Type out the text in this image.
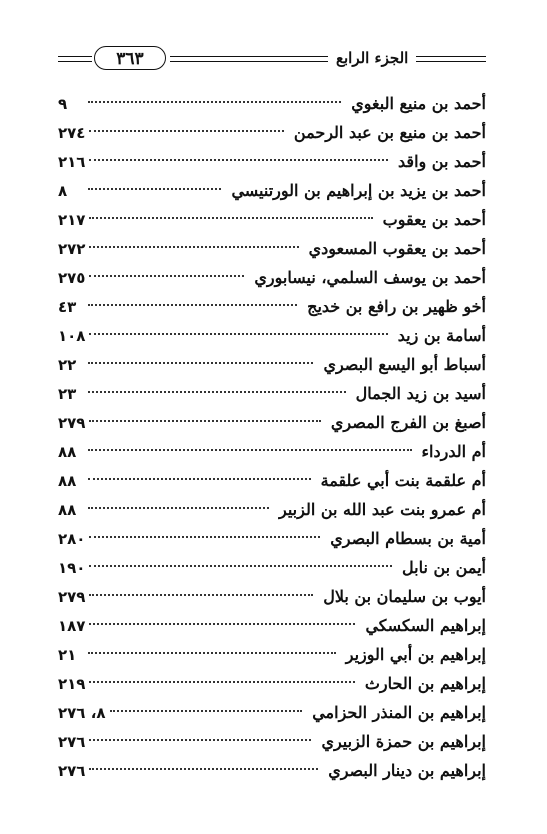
٣٦٣	الجزء الرابع
أحمد بن منيع البغوي
٩
أحمد بن منيع بن عبد الرحمن
٢٧٤
أحمد بن واقد
٢١٦
أحمد بن يزيد بن إبراهيم بن الورتنيسي
٨
أحمد بن يعقوب
٢١٧
أحمد بن يعقوب المسعودي
٢٧٢
أحمد بن يوسف السلمي، نيسابوري
٢٧٥
أخو ظهير بن رافع بن خديج
٤٣
أسامة بن زيد
١٠٨
أسباط أبو اليسع البصري
٢٢
أسيد بن زيد الجمال
٢٣
أصبغ بن الفرج المصري
٢٧٩
أم الدرداء
٨٨
أم علقمة بنت أبي علقمة
٨٨
أم عمرو بنت عبد الله بن الزبير
٨٨
أمية بن بسطام البصري
٢٨٠
أيمن بن نابل
١٩٠
أيوب بن سليمان بن بلال
٢٧٩
إبراهيم السكسكي
١٨٧
إبراهيم بن أبي الوزير
٢١
إبراهيم بن الحارث
٢١٩
إبراهيم بن المنذر الحزامي
٨، ٢٧٦
إبراهيم بن حمزة الزبيري
٢٧٦
إبراهيم بن دينار البصري
٢٧٦
